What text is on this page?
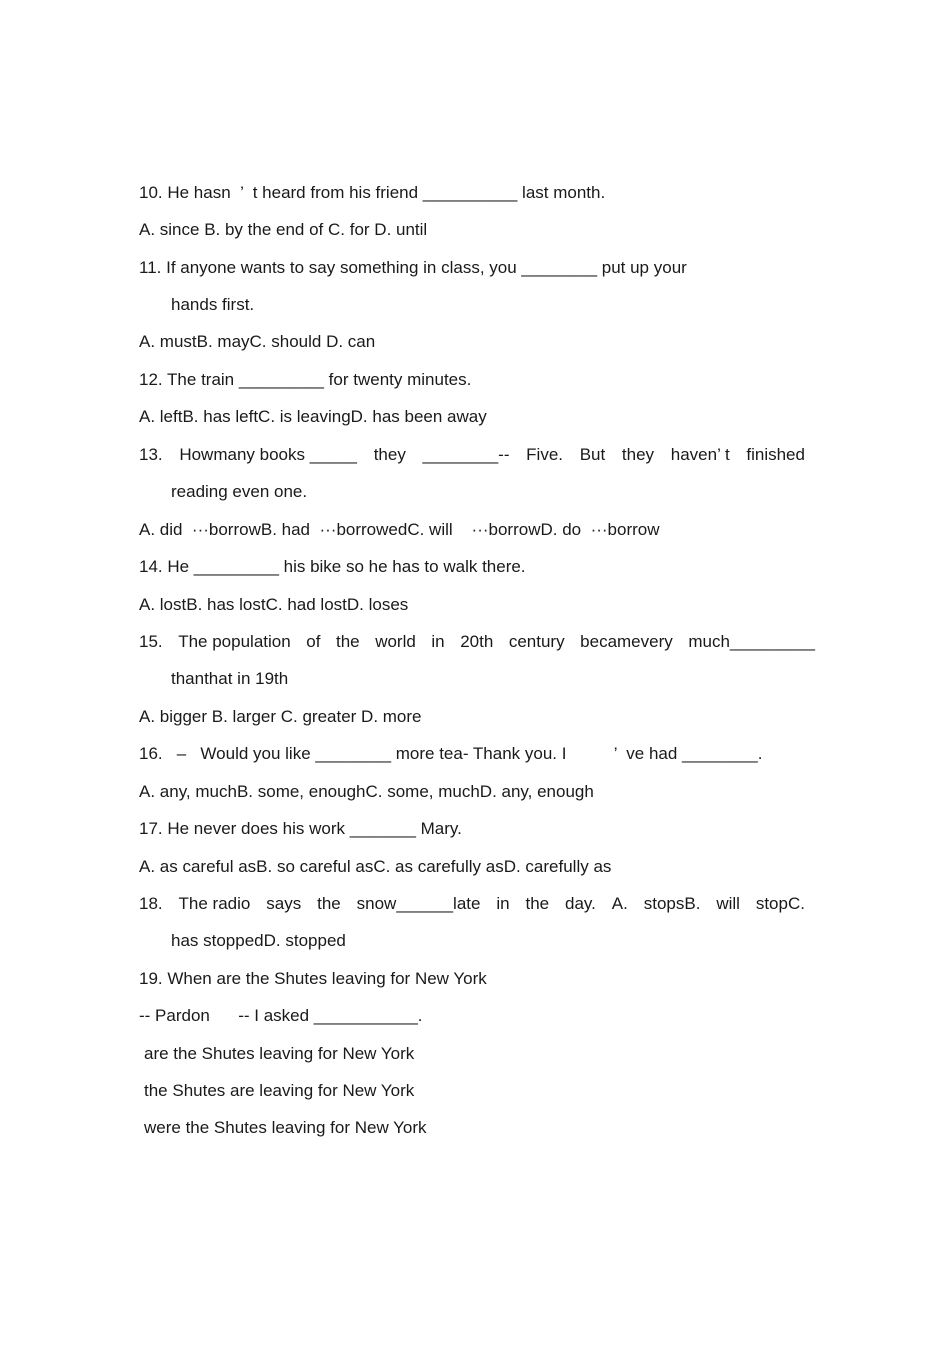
10. He hasn  ’  t heard from his friend __________ last month.

A. since B. by the end of C. for D. until

11. If anyone wants to say something in class, you ________ put up your

hands first.

A. mustB. mayC. should D. can

12. The train _________ for twenty minutes.

A. leftB. has leftC. is leavingD. has been away

13. Howmany books _____ they ________-- Five. But they haven’ t finished

reading even one.

A. did  ···borrowB. had  ···borrowedC. will    ···borrowD. do  ···borrow

14. He _________ his bike so he has to walk there.

A. lostB. has lostC. had lostD. loses

15. The population of the world in 20th century becamevery much_________

thanthat in 19th

A. bigger B. larger C. greater D. more

16.   –   Would you like ________ more tea- Thank you. I          ’  ve had ________.

A. any, muchB. some, enoughC. some, muchD. any, enough

17. He never does his work _______ Mary.

A. as careful asB. so careful asC. as carefully asD. carefully as

18. The radio says the snow______late in the day. A. stopsB. will stopC.

has stoppedD. stopped

19. When are the Shutes leaving for New York

-- Pardon      -- I asked ___________.

are the Shutes leaving for New York

the Shutes are leaving for New York

were the Shutes leaving for New York
